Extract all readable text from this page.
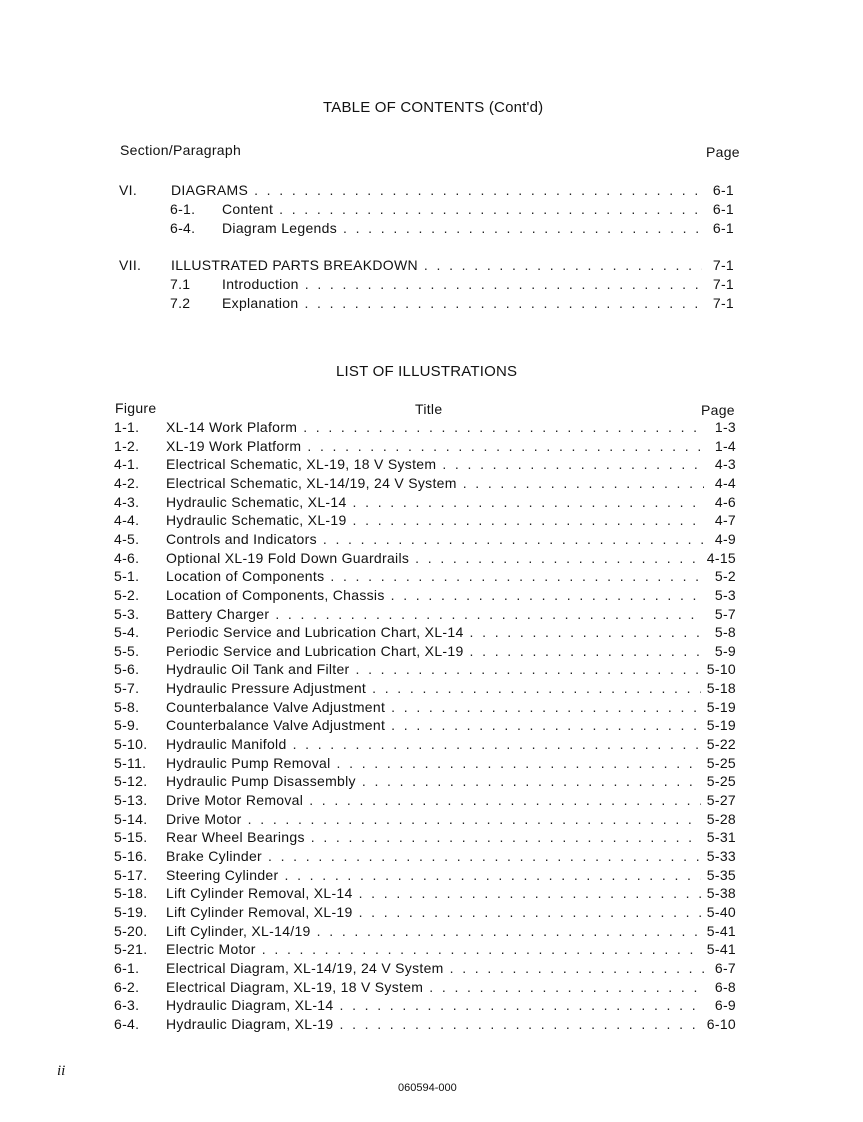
TABLE OF CONTENTS (Cont'd)
Section/Paragraph	Page
VI. DIAGRAMS . . .	6-1
6-1. Content . . .	6-1
6-4. Diagram Legends . . .	6-1
VII. ILLUSTRATED PARTS BREAKDOWN . . .	7-1
7.1 Introduction . . .	7-1
7.2 Explanation . . .	7-1
LIST OF ILLUSTRATIONS
Figure	Title	Page
1-1. XL-14 Work Plaform . . .	1-3
1-2. XL-19 Work Platform . . .	1-4
4-1. Electrical Schematic, XL-19, 18 V System . . .	4-3
4-2. Electrical Schematic, XL-14/19, 24 V System . . .	4-4
4-3. Hydraulic Schematic, XL-14 . . .	4-6
4-4. Hydraulic Schematic, XL-19 . . .	4-7
4-5. Controls and Indicators . . .	4-9
4-6. Optional XL-19 Fold Down Guardrails . . .	4-15
5-1. Location of Components . . .	5-2
5-2. Location of Components, Chassis . . .	5-3
5-3. Battery Charger . . .	5-7
5-4. Periodic Service and Lubrication Chart, XL-14 . . .	5-8
5-5. Periodic Service and Lubrication Chart, XL-19 . . .	5-9
5-6. Hydraulic Oil Tank and Filter . . .	5-10
5-7. Hydraulic Pressure Adjustment . . .	5-18
5-8. Counterbalance Valve Adjustment . . .	5-19
5-9. Counterbalance Valve Adjustment . . .	5-19
5-10. Hydraulic Manifold . . .	5-22
5-11. Hydraulic Pump Removal . . .	5-25
5-12. Hydraulic Pump Disassembly . . .	5-25
5-13. Drive Motor Removal . . .	5-27
5-14. Drive Motor . . .	5-28
5-15. Rear Wheel Bearings . . .	5-31
5-16. Brake Cylinder . . .	5-33
5-17. Steering Cylinder . . .	5-35
5-18. Lift Cylinder Removal, XL-14 . . .	5-38
5-19. Lift Cylinder Removal, XL-19 . . .	5-40
5-20. Lift Cylinder, XL-14/19 . . .	5-41
5-21. Electric Motor . . .	5-41
6-1. Electrical Diagram, XL-14/19, 24 V System . . .	6-7
6-2. Electrical Diagram, XL-19, 18 V System . . .	6-8
6-3. Hydraulic Diagram, XL-14 . . .	6-9
6-4. Hydraulic Diagram, XL-19 . . .	6-10
ii
060594-000
